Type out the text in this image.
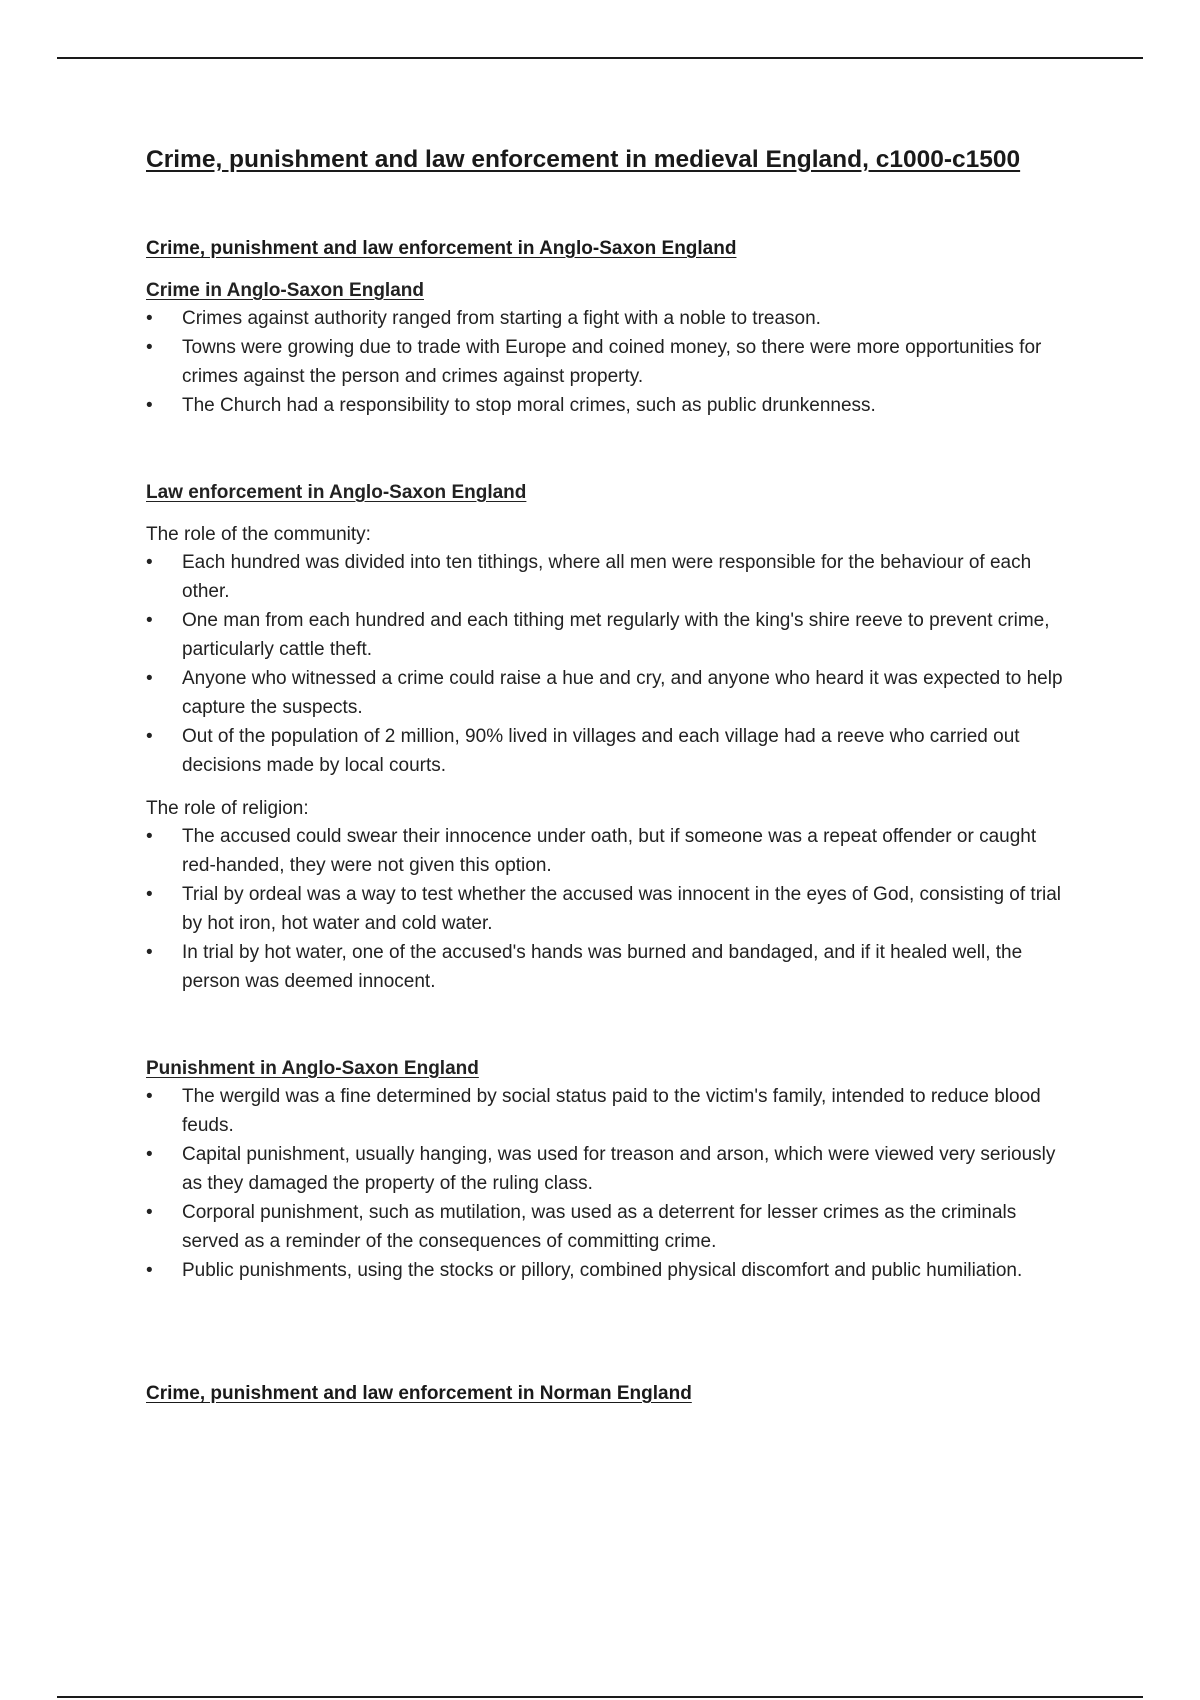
Crime, punishment and law enforcement in medieval England, c1000-c1500
Crime, punishment and law enforcement in Anglo-Saxon England
Crime in Anglo-Saxon England
•	Crimes against authority ranged from starting a fight with a noble to treason.
•	Towns were growing due to trade with Europe and coined money, so there were more opportunities for crimes against the person and crimes against property.
•	The Church had a responsibility to stop moral crimes, such as public drunkenness.
Law enforcement in Anglo-Saxon England

The role of the community:

•	Each hundred was divided into ten tithings, where all men were responsible for the behaviour of each other.
•	One man from each hundred and each tithing met regularly with the king's shire reeve to prevent crime, particularly cattle theft.
•	Anyone who witnessed a crime could raise a hue and cry, and anyone who heard it was expected to help capture the suspects.
•	Out of the population of 2 million, 90% lived in villages and each village had a reeve who carried out decisions made by local courts.

The role of religion:

•	The accused could swear their innocence under oath, but if someone was a repeat offender or caught red-handed, they were not given this option.
•	Trial by ordeal was a way to test whether the accused was innocent in the eyes of God, consisting of trial by hot iron, hot water and cold water.
•	In trial by hot water, one of the accused's hands was burned and bandaged, and if it healed well, the person was deemed innocent.
Punishment in Anglo-Saxon England
•	The wergild was a fine determined by social status paid to the victim's family, intended to reduce blood feuds.
•	Capital punishment, usually hanging, was used for treason and arson, which were viewed very seriously as they damaged the property of the ruling class.
•	Corporal punishment, such as mutilation, was used as a deterrent for lesser crimes as the criminals served as a reminder of the consequences of committing crime.
•	Public punishments, using the stocks or pillory, combined physical discomfort and public humiliation.
Crime, punishment and law enforcement in Norman England
